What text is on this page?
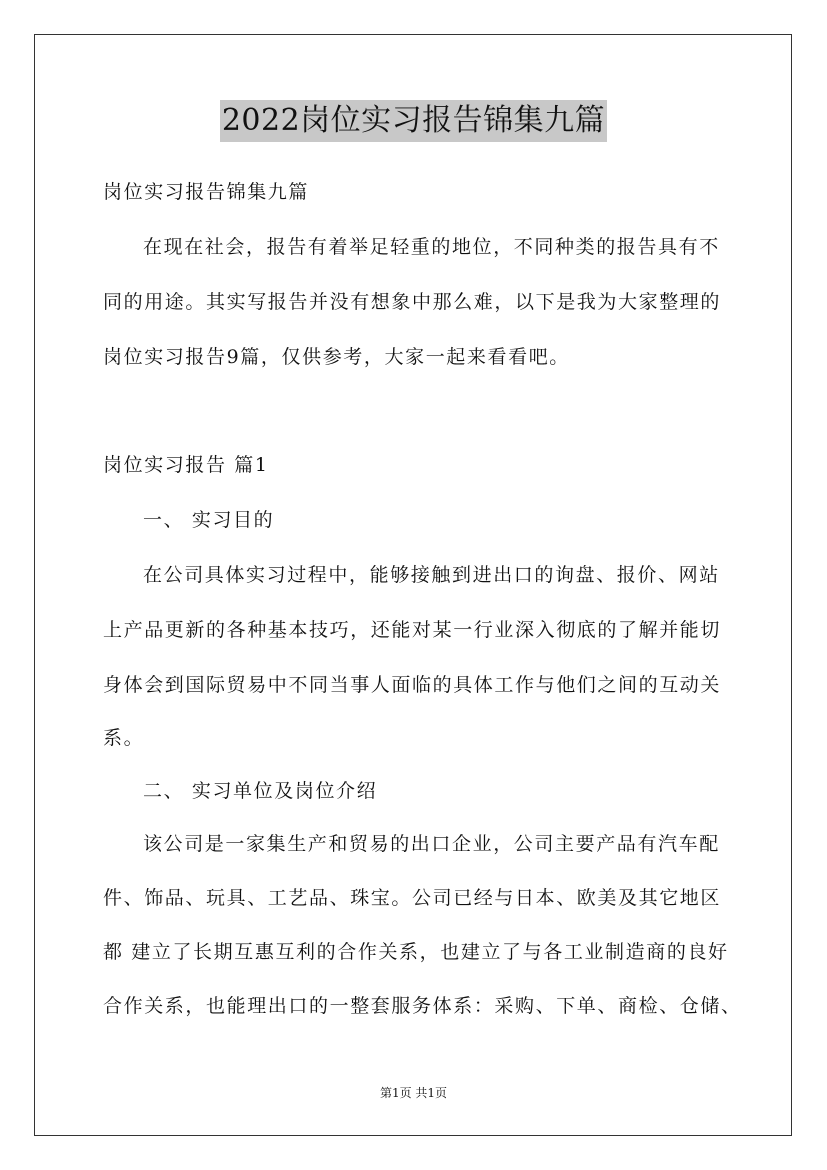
2022岗位实习报告锦集九篇
岗位实习报告锦集九篇
在现在社会，报告有着举足轻重的地位，不同种类的报告具有不
同的用途。其实写报告并没有想象中那么难，以下是我为大家整理的
岗位实习报告9篇，仅供参考，大家一起来看看吧。
岗位实习报告 篇1
一、 实习目的
在公司具体实习过程中，能够接触到进出口的询盘、报价、网站
上产品更新的各种基本技巧，还能对某一行业深入彻底的了解并能切
身体会到国际贸易中不同当事人面临的具体工作与他们之间的互动关
系。
二、 实习单位及岗位介绍
该公司是一家集生产和贸易的出口企业，公司主要产品有汽车配
件、饰品、玩具、工艺品、珠宝。公司已经与日本、欧美及其它地区
都 建立了长期互惠互利的合作关系，也建立了与各工业制造商的良好
合作关系，也能理出口的一整套服务体系：采购、下单、商检、仓储、
第1页 共1页
